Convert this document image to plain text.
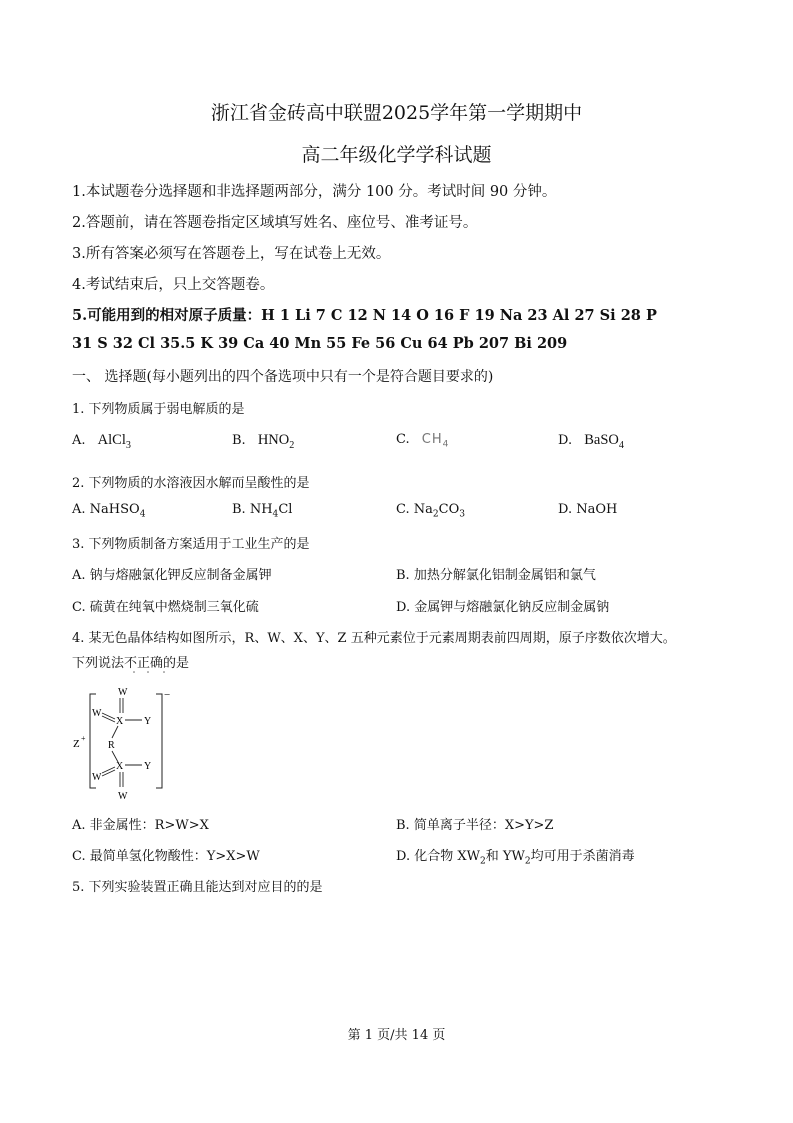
浙江省金砖高中联盟2025学年第一学期期中
高二年级化学学科试题
1.本试题卷分选择题和非选择题两部分，满分 100 分。考试时间 90 分钟。
2.答题前，请在答题卷指定区域填写姓名、座位号、准考证号。
3.所有答案必须写在答题卷上，写在试卷上无效。
4.考试结束后，只上交答题卷。
5.可能用到的相对原子质量：H 1 Li 7 C 12 N 14 O 16 F 19 Na 23 Al 27 Si 28 P
31 S 32 Cl 35.5 K 39 Ca 40 Mn 55 Fe 56 Cu 64 Pb 207 Bi 209
一、 选择题(每小题列出的四个备选项中只有一个是符合题目要求的)
1. 下列物质属于弱电解质的是
A. AlCl$_3$	B. $HNO_2$	C. $CH_4$	D. BaSO$_4$
2. 下列物质的水溶液因水解而呈酸性的是
A. NaHSO$_4$	B. $NH_4Cl$	C. $Na_2CO_3$	D. NaOH
3. 下列物质制备方案适用于工业生产的是
A. 钠与熔融氯化钾反应制备金属钾	B. 加热分解氯化铝制金属铝和氯气
C. 硫黄在纯氧中燃烧制三氧化硫	D. 金属钾与熔融氯化钠反应制金属钠
4. 某无色晶体结构如图所示，R、W、X、Y、Z 五种元素位于元素周期表前四周期，原子序数依次增大。
下列说法不正确的是
W
W
X Y
R
X Y
W
W
Z +
−
A. 非金属性：R>W>X	B. 简单离子半径：X>Y>Z
C. 最简单氢化物酸性：Y>X>W	D. 化合物 $XW_2$和 $YW_2$均可用于杀菌消毒
5. 下列实验装置正确且能达到对应目的的是
第 1 页/共 14 页
